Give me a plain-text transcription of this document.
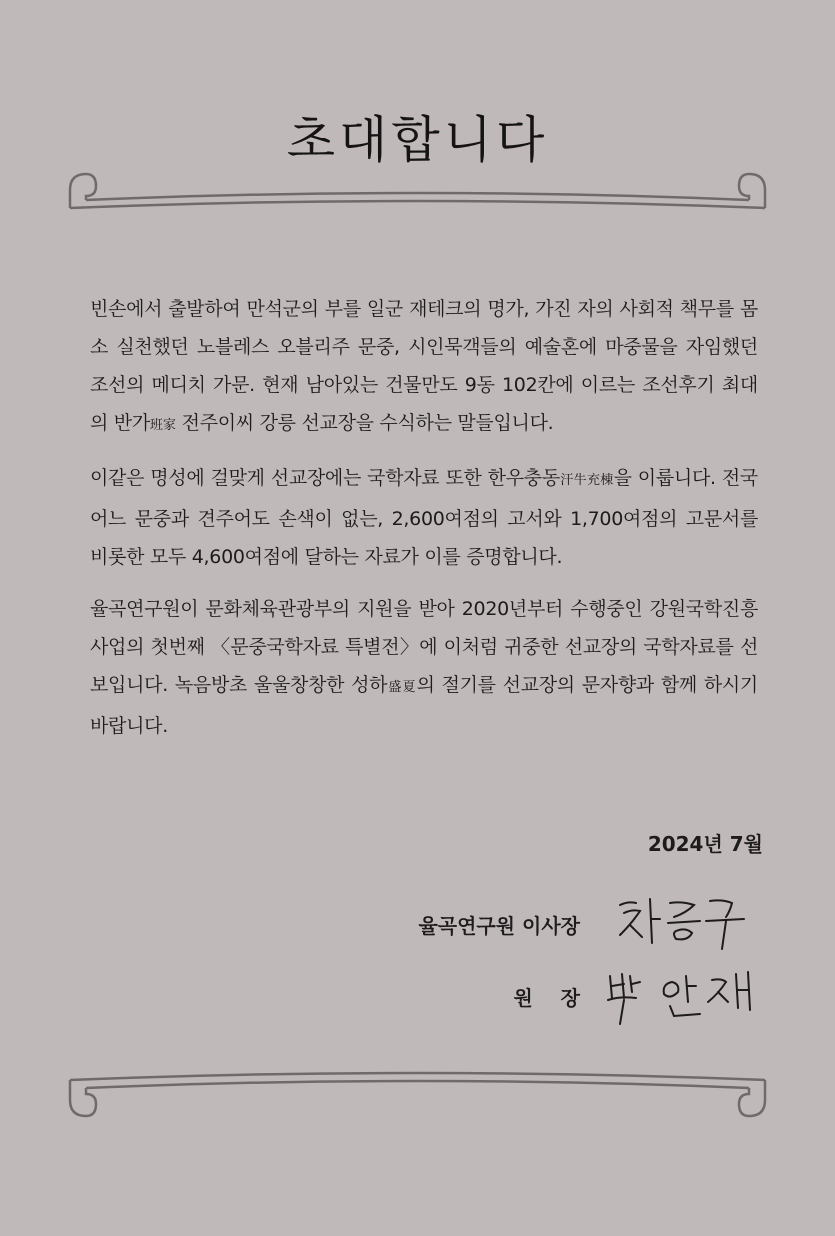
초대합니다

빈손에서 출발하여 만석군의 부를 일군 재테크의 명가, 가진 자의 사회적 책무를 몸소 실천했던 노블레스 오블리주 문중, 시인묵객들의 예술혼에 마중물을 자임했던 조선의 메디치 가문. 현재 남아있는 건물만도 9동 102칸에 이르는 조선후기 최대의 반가班家 전주이씨 강릉 선교장을 수식하는 말들입니다.

이같은 명성에 걸맞게 선교장에는 국학자료 또한 한우충동汗牛充棟을 이룹니다. 전국 어느 문중과 견주어도 손색이 없는, 2,600여점의 고서와 1,700여점의 고문서를 비롯한 모두 4,600여점에 달하는 자료가 이를 증명합니다.

율곡연구원이 문화체육관광부의 지원을 받아 2020년부터 수행중인 강원국학진흥사업의 첫번째 〈문중국학자료 특별전〉에 이처럼 귀중한 선교장의 국학자료를 선보입니다. 녹음방초 울울창창한 성하盛夏의 절기를 선교장의 문자향과 함께 하시기 바랍니다.

2024년 7월
율곡연구원 이사장
원    장
